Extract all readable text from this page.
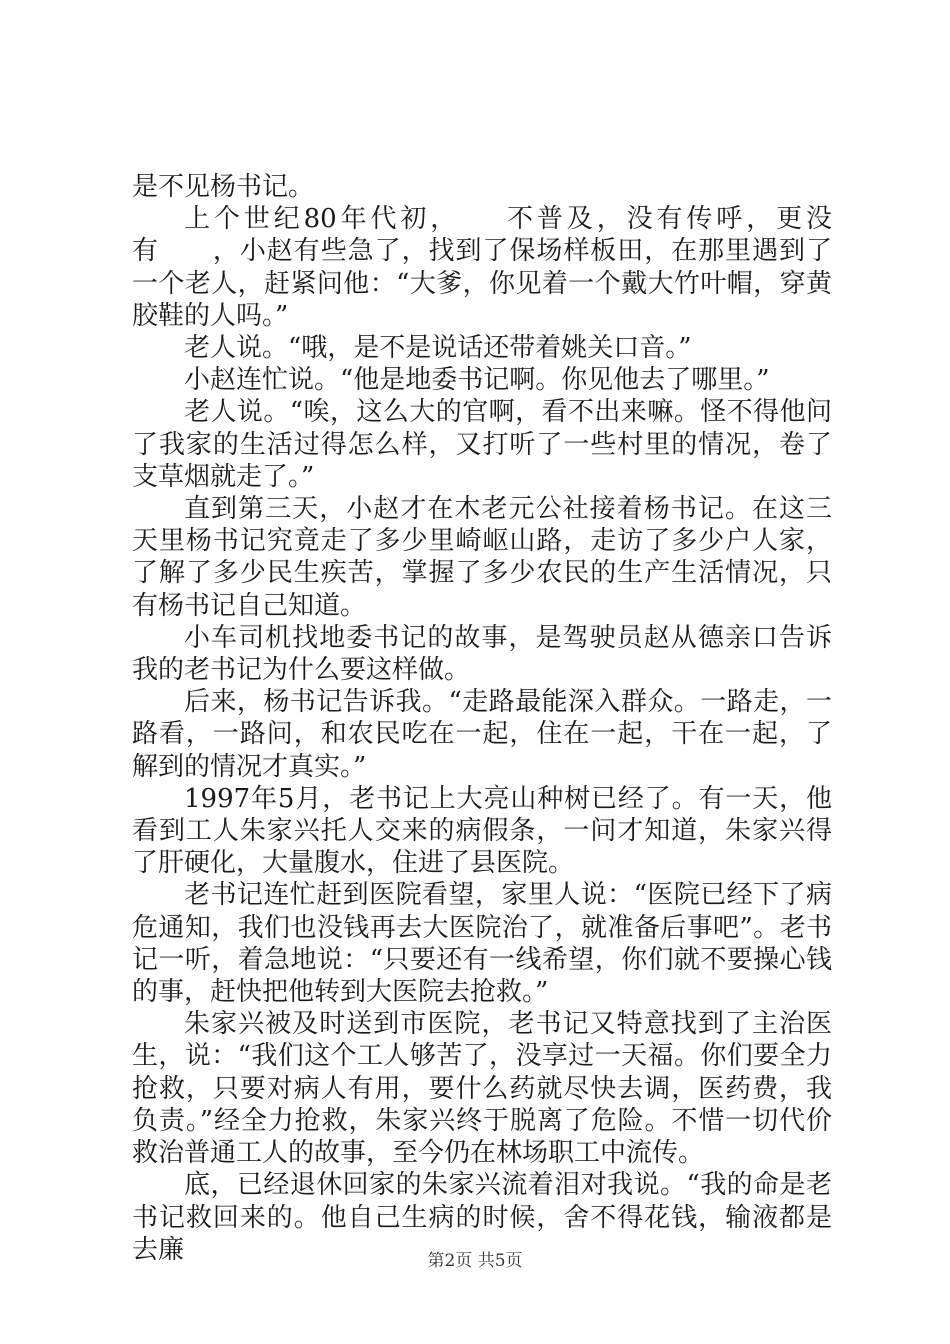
是不见杨书记。

上个世纪80年代初，　　不普及，没有传呼，更没有　　，小赵有些急了，找到了保场样板田，在那里遇到了一个老人，赶紧问他：“大爹，你见着一个戴大竹叶帽，穿黄胶鞋的人吗。”

老人说。“哦，是不是说话还带着姚关口音。”

小赵连忙说。“他是地委书记啊。你见他去了哪里。”

老人说。“唉，这么大的官啊，看不出来嘛。怪不得他问了我家的生活过得怎么样，又打听了一些村里的情况，卷了支草烟就走了。”

直到第三天，小赵才在木老元公社接着杨书记。在这三天里杨书记究竟走了多少里崎岖山路，走访了多少户人家，了解了多少民生疾苦，掌握了多少农民的生产生活情况，只有杨书记自己知道。

小车司机找地委书记的故事，是驾驶员赵从德亲口告诉我的老书记为什么要这样做。

后来，杨书记告诉我。“走路最能深入群众。一路走，一路看，一路问，和农民吃在一起，住在一起，干在一起，了解到的情况才真实。”

1997年5月，老书记上大亮山种树已经了。有一天，他看到工人朱家兴托人交来的病假条，一问才知道，朱家兴得了肝硬化，大量腹水，住进了县医院。

老书记连忙赶到医院看望，家里人说：“医院已经下了病危通知，我们也没钱再去大医院治了，就准备后事吧”。老书记一听，着急地说：“只要还有一线希望，你们就不要操心钱的事，赶快把他转到大医院去抢救。”

朱家兴被及时送到市医院，老书记又特意找到了主治医生，说：“我们这个工人够苦了，没享过一天福。你们要全力抢救，只要对病人有用，要什么药就尽快去调，医药费，我负责。”经全力抢救，朱家兴终于脱离了危险。不惜一切代价救治普通工人的故事，至今仍在林场职工中流传。

底，已经退休回家的朱家兴流着泪对我说。“我的命是老书记救回来的。他自己生病的时候，舍不得花钱，输液都是去廉	第2页 共5页
